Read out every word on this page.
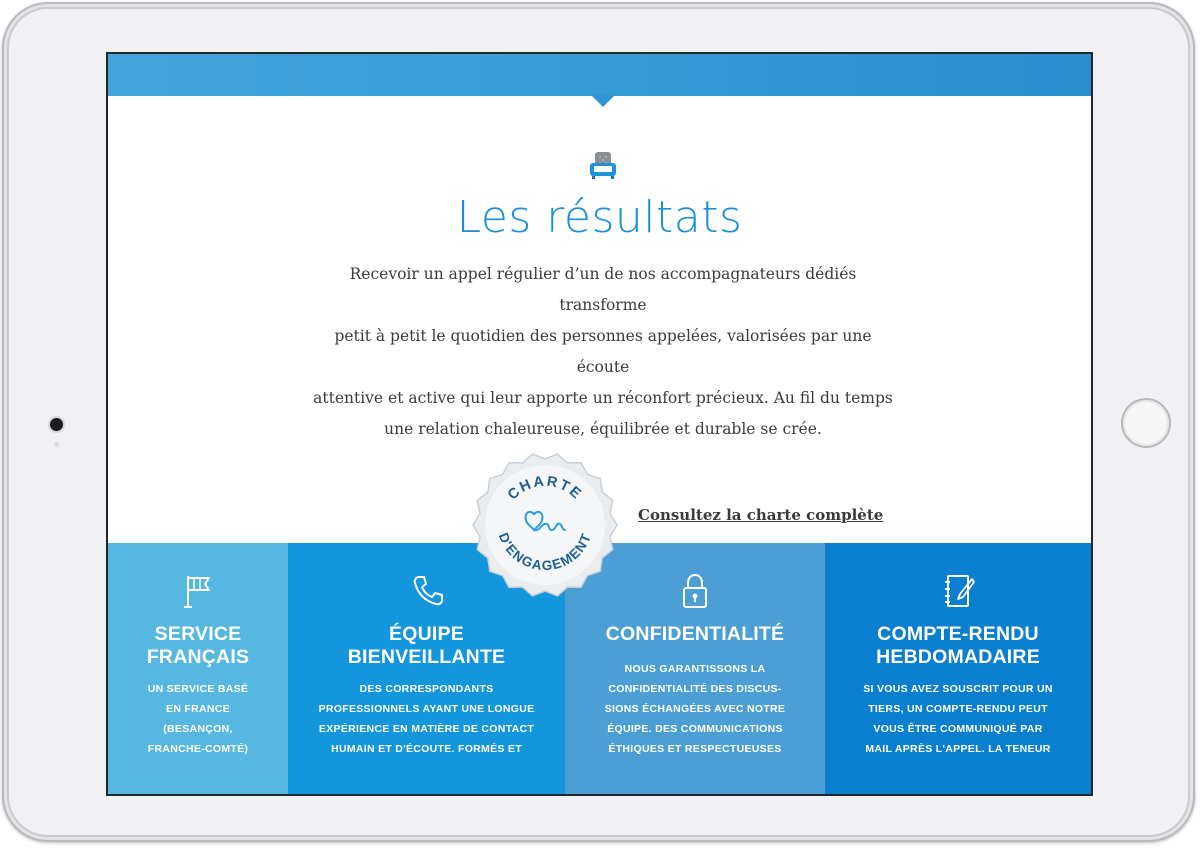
Les résultats
Recevoir un appel régulier d’un de nos accompagnateurs dédiés transforme
petit à petit le quotidien des personnes appelées, valorisées par une écoute
attentive et active qui leur apporte un réconfort précieux. Au fil du temps
une relation chaleureuse, équilibrée et durable se crée.
Consultez la charte complète
SERVICE
FRANÇAIS

UN SERVICE BASÉ
EN FRANCE
(BESANÇON,
FRANCHE-COMTÉ)

ÉQUIPE
BIENVEILLANTE

DES CORRESPONDANTS
PROFESSIONNELS AYANT UNE LONGUE
EXPÉRIENCE EN MATIÈRE DE CONTACT
HUMAIN ET D'ÉCOUTE. FORMÉS ET

CONFIDENTIALITÉ

NOUS GARANTISSONS LA
CONFIDENTIALITÉ DES DISCUS-
SIONS ÉCHANGÉES AVEC NOTRE
ÉQUIPE. DES COMMUNICATIONS
ÉTHIQUES ET RESPECTUEUSES

COMPTE-RENDU
HEBDOMADAIRE

SI VOUS AVEZ SOUSCRIT POUR UN
TIERS, UN COMPTE-RENDU PEUT
VOUS ÊTRE COMMUNIQUÉ PAR
MAIL APRÈS L'APPEL. LA TENEUR

CHARTE
D'ENGAGEMENT
